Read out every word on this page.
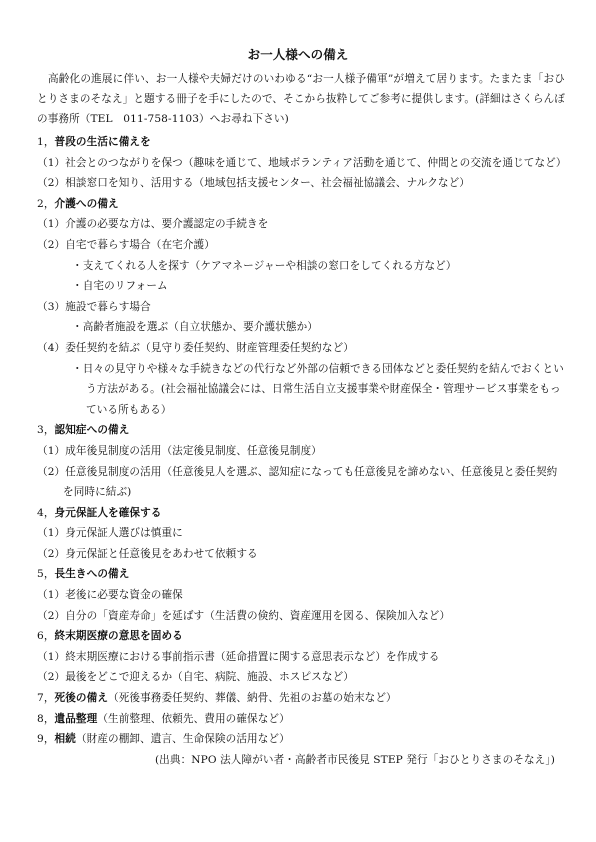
お一人様への備え
高齢化の進展に伴い、お一人様や夫婦だけのいわゆる“お一人様予備軍”が増えて居ります。たまたま「おひとりさまのそなえ」と題する冊子を手にしたので、そこから抜粋してご参考に提供します。(詳細はさくらんぼの事務所（TEL　011-758-1103）へお尋ね下さい)
1，普段の生活に備えを
（1）社会とのつながりを保つ（趣味を通じて、地域ボランティア活動を通じて、仲間との交流を通じてなど）
（2）相談窓口を知り、活用する（地域包括支援センター、社会福祉協議会、ナルクなど）
2，介護への備え
（1）介護の必要な方は、要介護認定の手続きを
（2）自宅で暮らす場合（在宅介護）
・支えてくれる人を探す（ケアマネージャーや相談の窓口をしてくれる方など）
・自宅のリフォーム
（3）施設で暮らす場合
・高齢者施設を選ぶ（自立状態か、要介護状態か）
（4）委任契約を結ぶ（見守り委任契約、財産管理委任契約など）
・日々の見守りや様々な手続きなどの代行など外部の信頼できる団体などと委任契約を結んでおくという方法がある。(社会福祉協議会には、日常生活自立支援事業や財産保全・管理サービス事業をもっている所もある）
3，認知症への備え
（1）成年後見制度の活用（法定後見制度、任意後見制度）
（2）任意後見制度の活用（任意後見人を選ぶ、認知症になっても任意後見を諦めない、任意後見と委任契約を同時に結ぶ)
4，身元保証人を確保する
（1）身元保証人選びは慎重に
（2）身元保証と任意後見をあわせて依頼する
5，長生きへの備え
（1）老後に必要な資金の確保
（2）自分の「資産寿命」を延ばす（生活費の倹約、資産運用を図る、保険加入など）
6，終末期医療の意思を固める
（1）終末期医療における事前指示書（延命措置に関する意思表示など）を作成する
（2）最後をどこで迎えるか（自宅、病院、施設、ホスピスなど）
7，死後の備え（死後事務委任契約、葬儀、納骨、先祖のお墓の始末など）
8，遺品整理（生前整理、依頼先、費用の確保など）
9，相続（財産の棚卸、遺言、生命保険の活用など）
(出典：NPO 法人障がい者・高齢者市民後見 STEP 発行「おひとりさまのそなえ」)
